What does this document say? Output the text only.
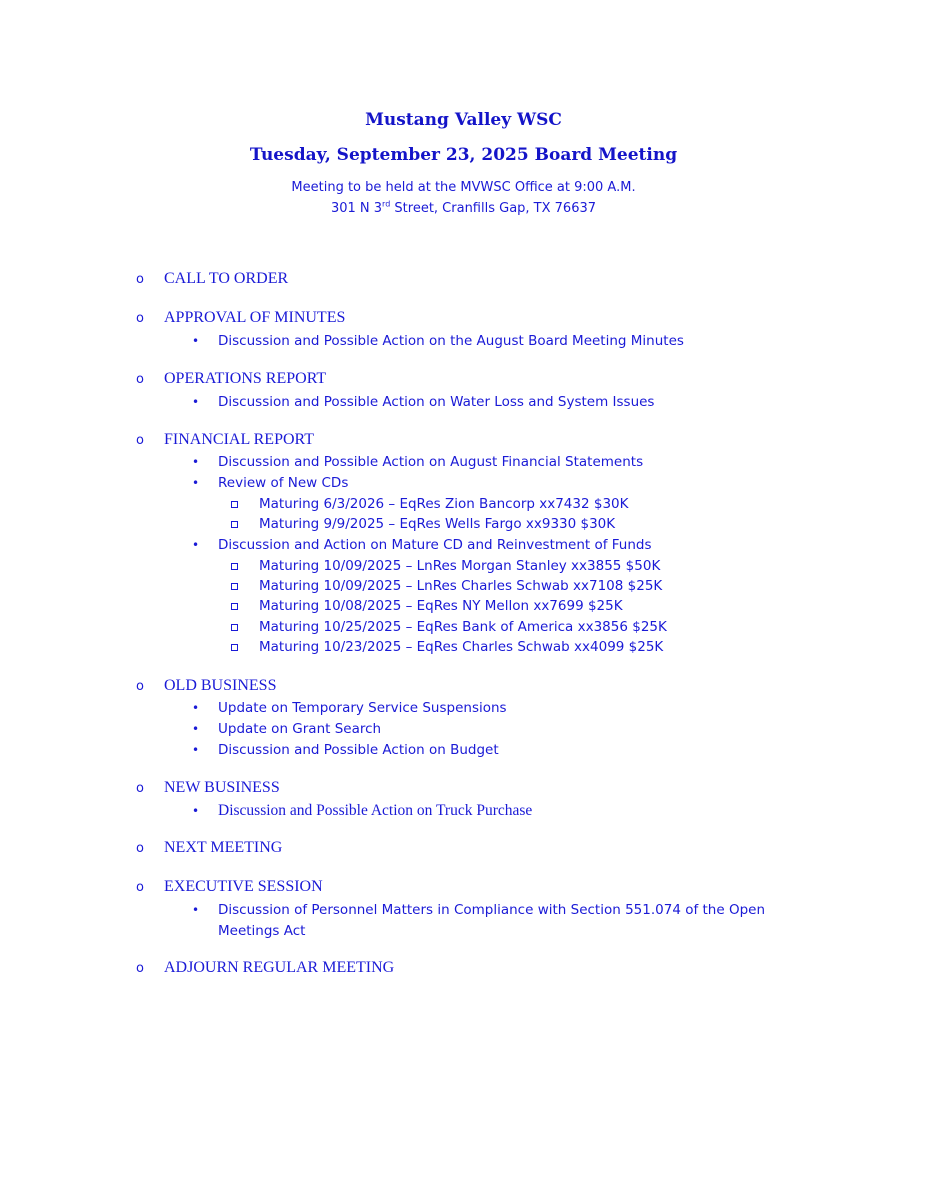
Mustang Valley WSC
Tuesday, September 23, 2025 Board Meeting
Meeting to be held at the MVWSC Office at 9:00 A.M.
301 N 3rd Street, Cranfills Gap, TX 76637
o CALL TO ORDER
o APPROVAL OF MINUTES
• Discussion and Possible Action on the August Board Meeting Minutes
o OPERATIONS REPORT
• Discussion and Possible Action on Water Loss and System Issues
o FINANCIAL REPORT
• Discussion and Possible Action on August Financial Statements
• Review of New CDs
Maturing 6/3/2026 – EqRes Zion Bancorp xx7432 $30K
Maturing 9/9/2025 – EqRes Wells Fargo xx9330 $30K
• Discussion and Action on Mature CD and Reinvestment of Funds
Maturing 10/09/2025 – LnRes Morgan Stanley xx3855 $50K
Maturing 10/09/2025 – LnRes Charles Schwab xx7108 $25K
Maturing 10/08/2025 – EqRes NY Mellon xx7699 $25K
Maturing 10/25/2025 – EqRes Bank of America xx3856 $25K
Maturing 10/23/2025 – EqRes Charles Schwab xx4099 $25K
o OLD BUSINESS
• Update on Temporary Service Suspensions
• Update on Grant Search
• Discussion and Possible Action on Budget
o NEW BUSINESS
• Discussion and Possible Action on Truck Purchase
o NEXT MEETING
o EXECUTIVE SESSION
• Discussion of Personnel Matters in Compliance with Section 551.074 of the Open
Meetings Act
o ADJOURN REGULAR MEETING
